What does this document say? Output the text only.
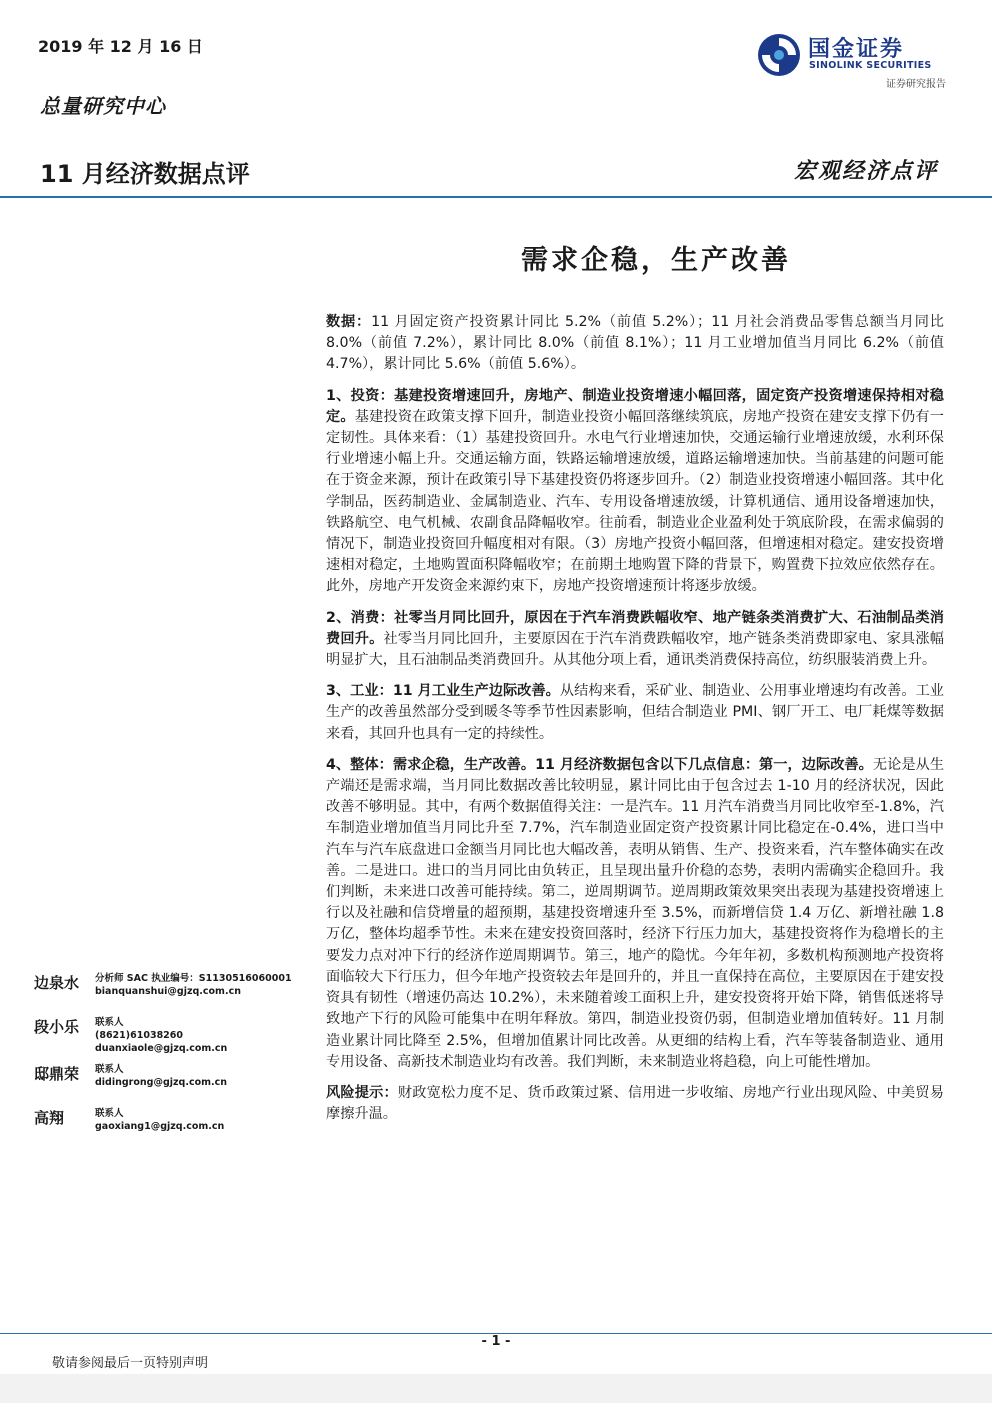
2019 年 12 月 16 日
总量研究中心
国金证券
SINOLINK SECURITIES
证券研究报告
11 月经济数据点评	宏观经济点评
需求企稳，生产改善

数据：11 月固定资产投资累计同比 5.2%（前值 5.2%）；11 月社会消费品零售总额当月同比 8.0%（前值 7.2%），累计同比 8.0%（前值 8.1%）；11 月工业增加值当月同比 6.2%（前值 4.7%），累计同比 5.6%（前值 5.6%）。

1、投资：基建投资增速回升，房地产、制造业投资增速小幅回落，固定资产投资增速保持相对稳定。基建投资在政策支撑下回升，制造业投资小幅回落继续筑底，房地产投资在建安支撑下仍有一定韧性。具体来看：（1）基建投资回升。水电气行业增速加快，交通运输行业增速放缓，水利环保行业增速小幅上升。交通运输方面，铁路运输增速放缓，道路运输增速加快。当前基建的问题可能在于资金来源，预计在政策引导下基建投资仍将逐步回升。（2）制造业投资增速小幅回落。其中化学制品，医药制造业、金属制造业、汽车、专用设备增速放缓，计算机通信、通用设备增速加快，铁路航空、电气机械、农副食品降幅收窄。往前看，制造业企业盈利处于筑底阶段，在需求偏弱的情况下，制造业投资回升幅度相对有限。（3）房地产投资小幅回落，但增速相对稳定。建安投资增速相对稳定，土地购置面积降幅收窄；在前期土地购置下降的背景下，购置费下拉效应依然存在。此外，房地产开发资金来源约束下，房地产投资增速预计将逐步放缓。

2、消费：社零当月同比回升，原因在于汽车消费跌幅收窄、地产链条类消费扩大、石油制品类消费回升。社零当月同比回升，主要原因在于汽车消费跌幅收窄，地产链条类消费即家电、家具涨幅明显扩大，且石油制品类消费回升。从其他分项上看，通讯类消费保持高位，纺织服装消费上升。

3、工业：11 月工业生产边际改善。从结构来看，采矿业、制造业、公用事业增速均有改善。工业生产的改善虽然部分受到暖冬等季节性因素影响，但结合制造业 PMI、钢厂开工、电厂耗煤等数据来看，其回升也具有一定的持续性。

4、整体：需求企稳，生产改善。11 月经济数据包含以下几点信息：第一，边际改善。无论是从生产端还是需求端，当月同比数据改善比较明显，累计同比由于包含过去 1-10 月的经济状况，因此改善不够明显。其中，有两个数据值得关注：一是汽车。11 月汽车消费当月同比收窄至-1.8%，汽车制造业增加值当月同比升至 7.7%，汽车制造业固定资产投资累计同比稳定在-0.4%，进口当中汽车与汽车底盘进口金额当月同比也大幅改善，表明从销售、生产、投资来看，汽车整体确实在改善。二是进口。进口的当月同比由负转正，且呈现出量升价稳的态势，表明内需确实企稳回升。我们判断，未来进口改善可能持续。第二，逆周期调节。逆周期政策效果突出表现为基建投资增速上行以及社融和信贷增量的超预期，基建投资增速升至 3.5%，而新增信贷 1.4 万亿、新增社融 1.8 万亿，整体均超季节性。未来在建安投资回落时，经济下行压力加大，基建投资将作为稳增长的主要发力点对冲下行的经济作逆周期调节。第三，地产的隐忧。今年年初，多数机构预测地产投资将面临较大下行压力，但今年地产投资较去年是回升的，并且一直保持在高位，主要原因在于建安投资具有韧性（增速仍高达 10.2%），未来随着竣工面积上升，建安投资将开始下降，销售低迷将导致地产下行的风险可能集中在明年释放。第四，制造业投资仍弱，但制造业增加值转好。11 月制造业累计同比降至 2.5%，但增加值累计同比改善。从更细的结构上看，汽车等装备制造业、通用专用设备、高新技术制造业均有改善。我们判断，未来制造业将趋稳，向上可能性增加。

风险提示：财政宽松力度不足、货币政策过紧、信用进一步收缩、房地产行业出现风险、中美贸易摩擦升温。

边泉水 分析师 SAC 执业编号：S1130516060001
bianquanshui@gjzq.com.cn
段小乐 联系人
(8621)61038260
duanxiaole@gjzq.com.cn
邸鼎荣 联系人
didingrong@gjzq.com.cn
高翔	联系人
gaoxiang1@gjzq.com.cn
- 1 -
敬请参阅最后一页特别声明
